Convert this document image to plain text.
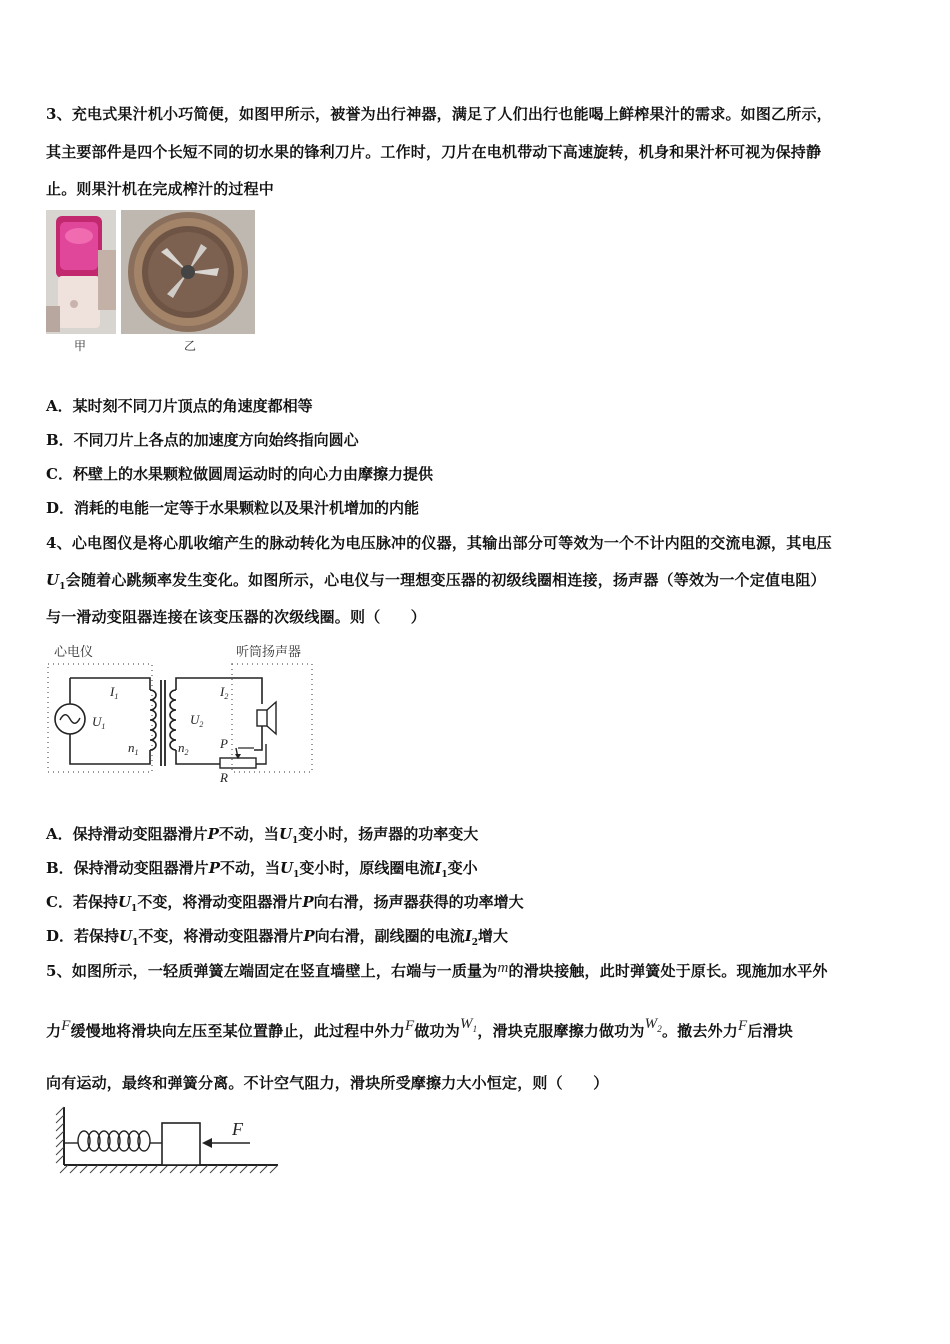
3、充电式果汁机小巧简便，如图甲所示，被誉为出行神器，满足了人们出行也能喝上鲜榨果汁的需求。如图乙所示，
其主要部件是四个长短不同的切水果的锋利刀片。工作时，刀片在电机带动下高速旋转，机身和果汁杯可视为保持静
止。则果汁机在完成榨汁的过程中
甲	乙
A．某时刻不同刀片顶点的角速度都相等
B．不同刀片上各点的加速度方向始终指向圆心
C．杯壁上的水果颗粒做圆周运动时的向心力由摩擦力提供
D．消耗的电能一定等于水果颗粒以及果汁机增加的内能
4、心电图仪是将心肌收缩产生的脉动转化为电压脉冲的仪器，其输出部分可等效为一个不计内阻的交流电源，其电压
$U_1$会随着心跳频率发生变化。如图所示，心电仪与一理想变压器的初级线圈相连接，扬声器（等效为一个定值电阻）
与一滑动变阻器连接在该变压器的次级线圈。则（　　）
心电仪	听筒扬声器
$I_1$
$U_1$
$n_1$
$U_2$
$n_2$
$I_2$
P
R
A．保持滑动变阻器滑片P不动，当$U_1$变小时，扬声器的功率变大
B．保持滑动变阻器滑片P不动，当$U_1$变小时，原线圈电流$I_1$变小
C．若保持$U_1$不变，将滑动变阻器滑片P向右滑，扬声器获得的功率增大
D．若保持$U_1$不变，将滑动变阻器滑片P向右滑，副线圈的电流$I_2$增大
5、如图所示，一轻质弹簧左端固定在竖直墙壁上，右端与一质量为m的滑块接触，此时弹簧处于原长。现施加水平外
力F缓慢地将滑块向左压至某位置静止，此过程中外力F做功为$W_1$，滑块克服摩擦力做功为$W_2$。撤去外力F后滑块
向有运动，最终和弹簧分离。不计空气阻力，滑块所受摩擦力大小恒定，则（　　）
F
